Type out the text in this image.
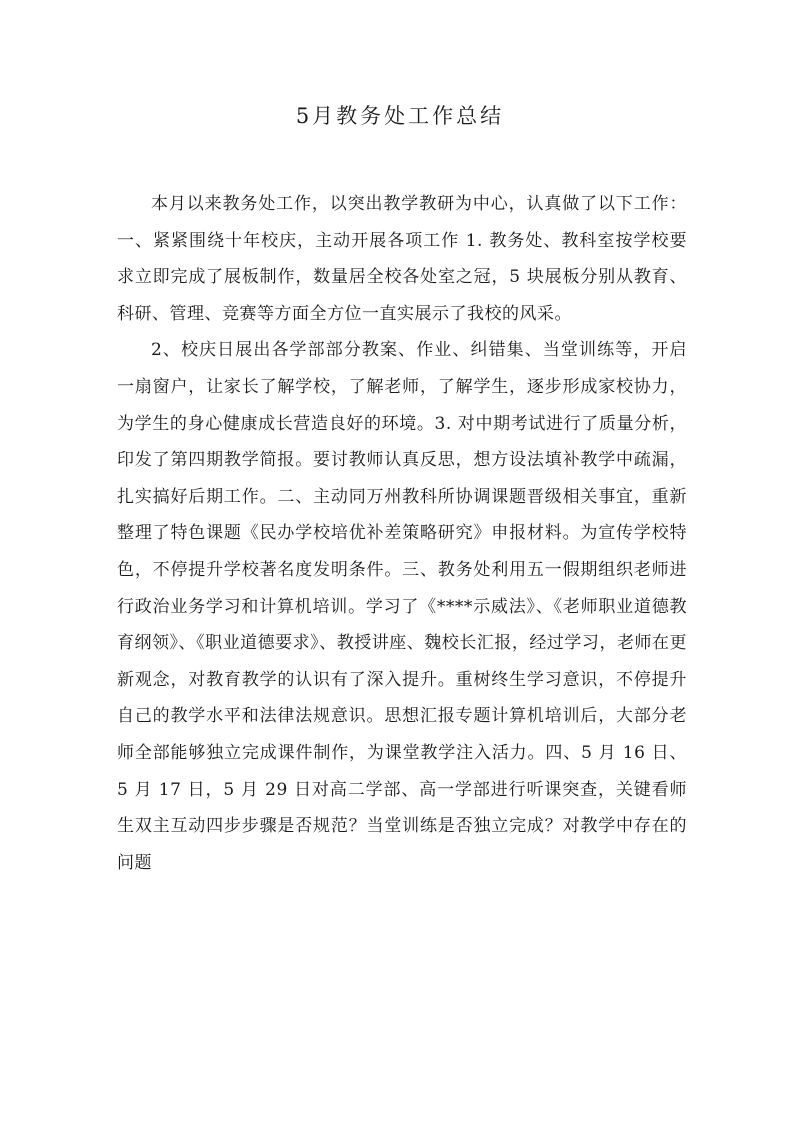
5月教务处工作总结

本月以来教务处工作，以突出教学教研为中心，认真做了以下工作：一、紧紧围绕十年校庆，主动开展各项工作 1. 教务处、教科室按学校要求立即完成了展板制作，数量居全校各处室之冠，5 块展板分别从教育、科研、管理、竞赛等方面全方位一直实展示了我校的风采。

2、校庆日展出各学部部分教案、作业、纠错集、当堂训练等，开启一扇窗户，让家长了解学校，了解老师，了解学生，逐步形成家校协力，为学生的身心健康成长营造良好的环境。3. 对中期考试进行了质量分析，印发了第四期教学简报。要讨教师认真反思，想方设法填补教学中疏漏，扎实搞好后期工作。二、主动同万州教科所协调课题晋级相关事宜，重新整理了特色课题《民办学校培优补差策略研究》申报材料。为宣传学校特色，不停提升学校著名度发明条件。三、教务处利用五一假期组织老师进行政治业务学习和计算机培训。学习了《****示威法》、《老师职业道德教育纲领》、《职业道德要求》、教授讲座、魏校长汇报，经过学习，老师在更新观念，对教育教学的认识有了深入提升。重树终生学习意识，不停提升自己的教学水平和法律法规意识。思想汇报专题计算机培训后，大部分老师全部能够独立完成课件制作，为课堂教学注入活力。四、5 月 16 日、5 月 17 日，5 月 29 日对高二学部、高一学部进行听课突查，关键看师生双主互动四步步骤是否规范？当堂训练是否独立完成？对教学中存在的问题
